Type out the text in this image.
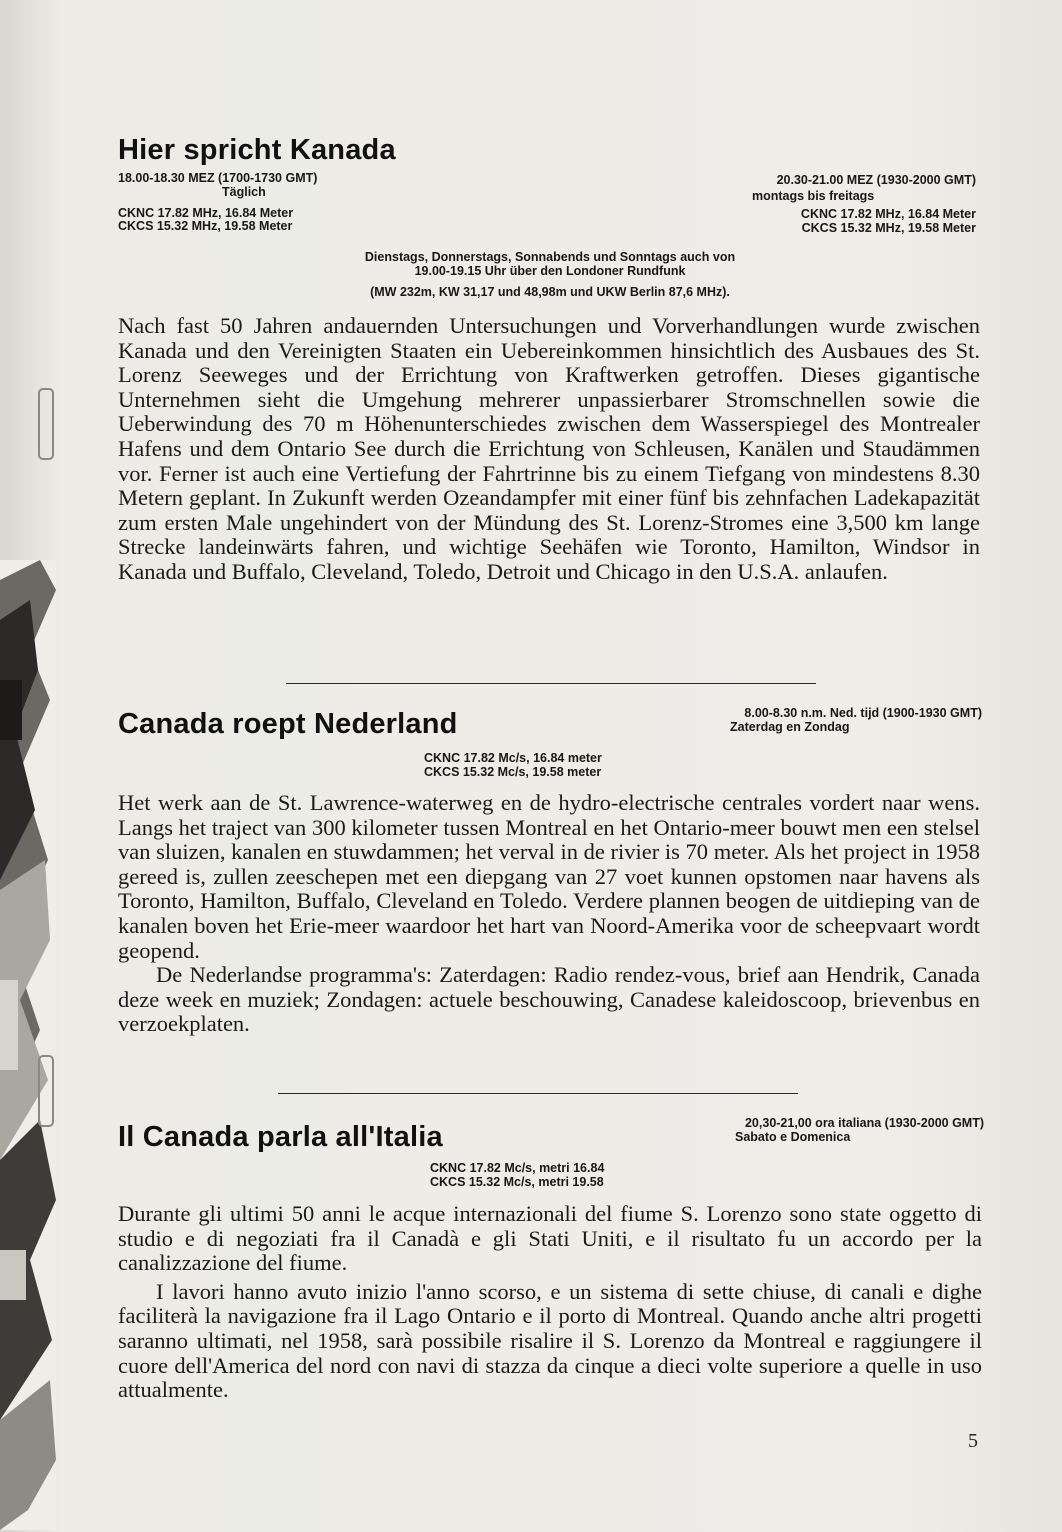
Hier spricht Kanada

18.00-18.30 MEZ (1700-1730 GMT)

Täglich

CKNC 17.82 MHz, 16.84 Meter

CKCS 15.32 MHz, 19.58 Meter

20.30-21.00 MEZ (1930-2000 GMT)

montags bis freitags

CKNC 17.82 MHz, 16.84 Meter

CKCS 15.32 MHz, 19.58 Meter

Dienstags, Donnerstags, Sonnabends und Sonntags auch von

19.00-19.15 Uhr über den Londoner Rundfunk

(MW 232m, KW 31,17 und 48,98m und UKW Berlin 87,6 MHz).

Nach fast 50 Jahren andauernden Untersuchungen und Vorverhandlungen wurde zwischen Kanada und den Vereinigten Staaten ein Uebereinkommen hinsichtlich des Ausbaues des St. Lorenz Seeweges und der Errichtung von Kraftwerken getroffen. Dieses gigantische Unternehmen sieht die Umgehung mehrerer unpassierbarer Stromschnellen sowie die Ueberwindung des 70 m Höhenunterschiedes zwischen dem Wasserspiegel des Montrealer Hafens und dem Ontario See durch die Errichtung von Schleusen, Kanälen und Staudämmen vor. Ferner ist auch eine Vertiefung der Fahrtrinne bis zu einem Tiefgang von mindestens 8.30 Metern geplant. In Zukunft werden Ozeandampfer mit einer fünf bis zehnfachen Ladekapazität zum ersten Male ungehindert von der Mündung des St. Lorenz-Stromes eine 3,500 km lange Strecke landeinwärts fahren, und wichtige Seehäfen wie Toronto, Hamilton, Windsor in Kanada und Buffalo, Cleveland, Toledo, Detroit und Chicago in den U.S.A. anlaufen.

Canada roept Nederland	8.00-8.30 n.m. Ned. tijd (1900-1930 GMT)

Zaterdag en Zondag

CKNC 17.82 Mc/s, 16.84 meter

CKCS 15.32 Mc/s, 19.58 meter

Het werk aan de St. Lawrence-waterweg en de hydro-electrische centrales vordert naar wens. Langs het traject van 300 kilometer tussen Montreal en het Ontario-meer bouwt men een stelsel van sluizen, kanalen en stuwdammen; het verval in de rivier is 70 meter. Als het project in 1958 gereed is, zullen zeeschepen met een diepgang van 27 voet kunnen opstomen naar havens als Toronto, Hamilton, Buffalo, Cleveland en Toledo. Verdere plannen beogen de uitdieping van de kanalen boven het Erie-meer waardoor het hart van Noord-Amerika voor de scheepvaart wordt geopend.

De Nederlandse programma's: Zaterdagen: Radio rendez-vous, brief aan Hendrik, Canada deze week en muziek; Zondagen: actuele beschouwing, Canadese kaleidoscoop, brievenbus en verzoekplaten.

Il Canada parla all'Italia	20,30-21,00 ora italiana (1930-2000 GMT)

Sabato e Domenica

CKNC 17.82 Mc/s, metri 16.84

CKCS 15.32 Mc/s, metri 19.58

Durante gli ultimi 50 anni le acque internazionali del fiume S. Lorenzo sono state oggetto di studio e di negoziati fra il Canadà e gli Stati Uniti, e il risultato fu un accordo per la canalizzazione del fiume.

I lavori hanno avuto inizio l'anno scorso, e un sistema di sette chiuse, di canali e dighe faciliterà la navigazione fra il Lago Ontario e il porto di Montreal. Quando anche altri progetti saranno ultimati, nel 1958, sarà possibile risalire il S. Lorenzo da Montreal e raggiungere il cuore dell'America del nord con navi di stazza da cinque a dieci volte superiore a quelle in uso attualmente.

5
